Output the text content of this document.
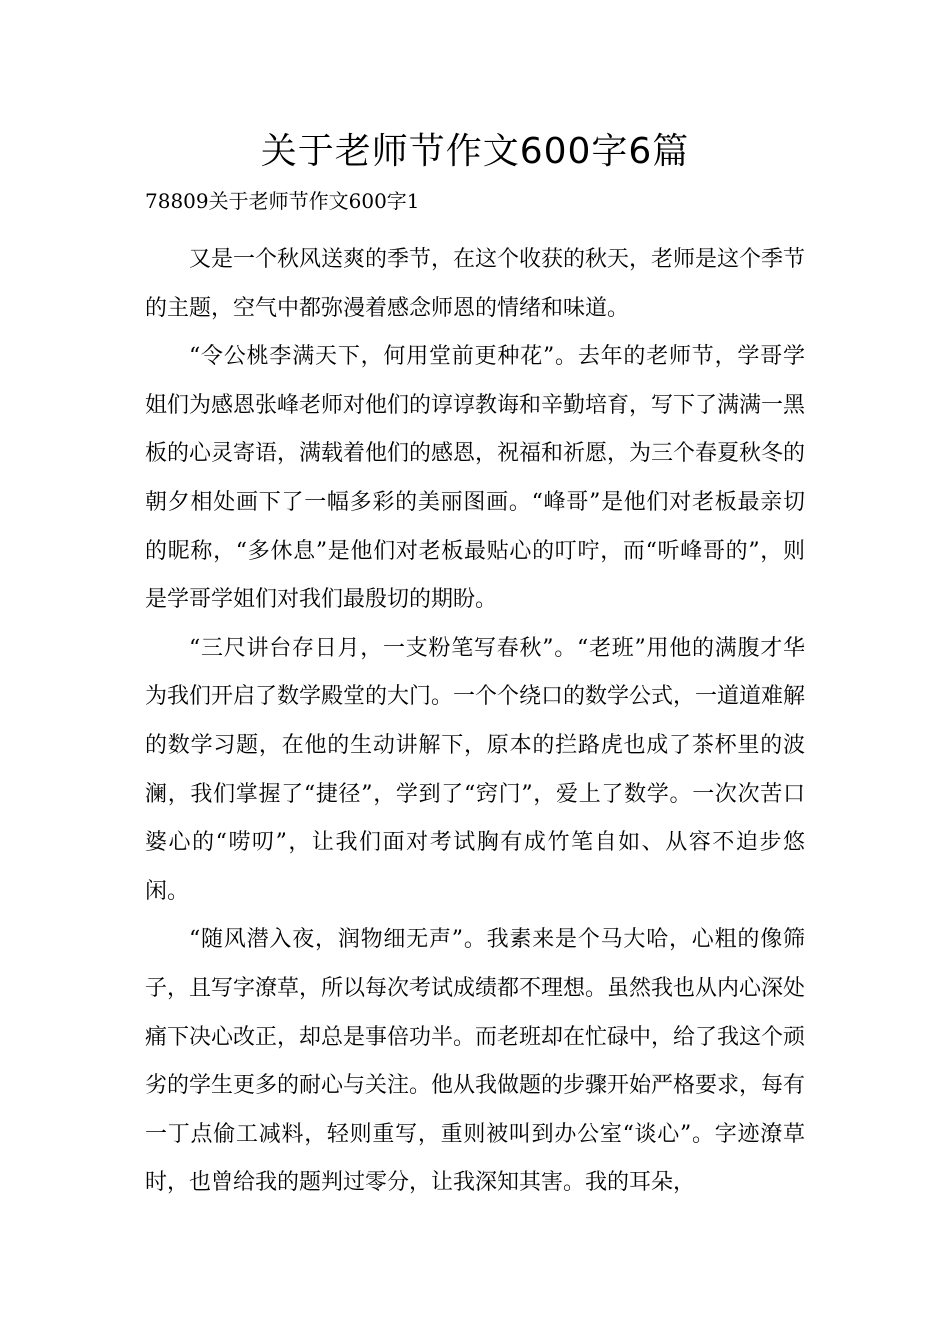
关于老师节作文600字6篇
78809关于老师节作文600字1

又是一个秋风送爽的季节，在这个收获的秋天，老师是这个季节的主题，空气中都弥漫着感念师恩的情绪和味道。

“令公桃李满天下，何用堂前更种花”。去年的老师节，学哥学姐们为感恩张峰老师对他们的谆谆教诲和辛勤培育，写下了满满一黑板的心灵寄语，满载着他们的感恩，祝福和祈愿，为三个春夏秋冬的朝夕相处画下了一幅多彩的美丽图画。“峰哥”是他们对老板最亲切的昵称，“多休息”是他们对老板最贴心的叮咛，而“听峰哥的”，则是学哥学姐们对我们最殷切的期盼。

“三尺讲台存日月，一支粉笔写春秋”。“老班”用他的满腹才华为我们开启了数学殿堂的大门。一个个绕口的数学公式，一道道难解的数学习题，在他的生动讲解下，原本的拦路虎也成了茶杯里的波澜，我们掌握了“捷径”，学到了“窍门”，爱上了数学。一次次苦口婆心的“唠叨”，让我们面对考试胸有成竹笔自如、从容不迫步悠闲。

“随风潜入夜，润物细无声”。我素来是个马大哈，心粗的像筛子，且写字潦草，所以每次考试成绩都不理想。虽然我也从内心深处痛下决心改正，却总是事倍功半。而老班却在忙碌中，给了我这个顽劣的学生更多的耐心与关注。他从我做题的步骤开始严格要求，每有一丁点偷工减料，轻则重写，重则被叫到办公室“谈心”。字迹潦草时，也曾给我的题判过零分，让我深知其害。我的耳朵，
